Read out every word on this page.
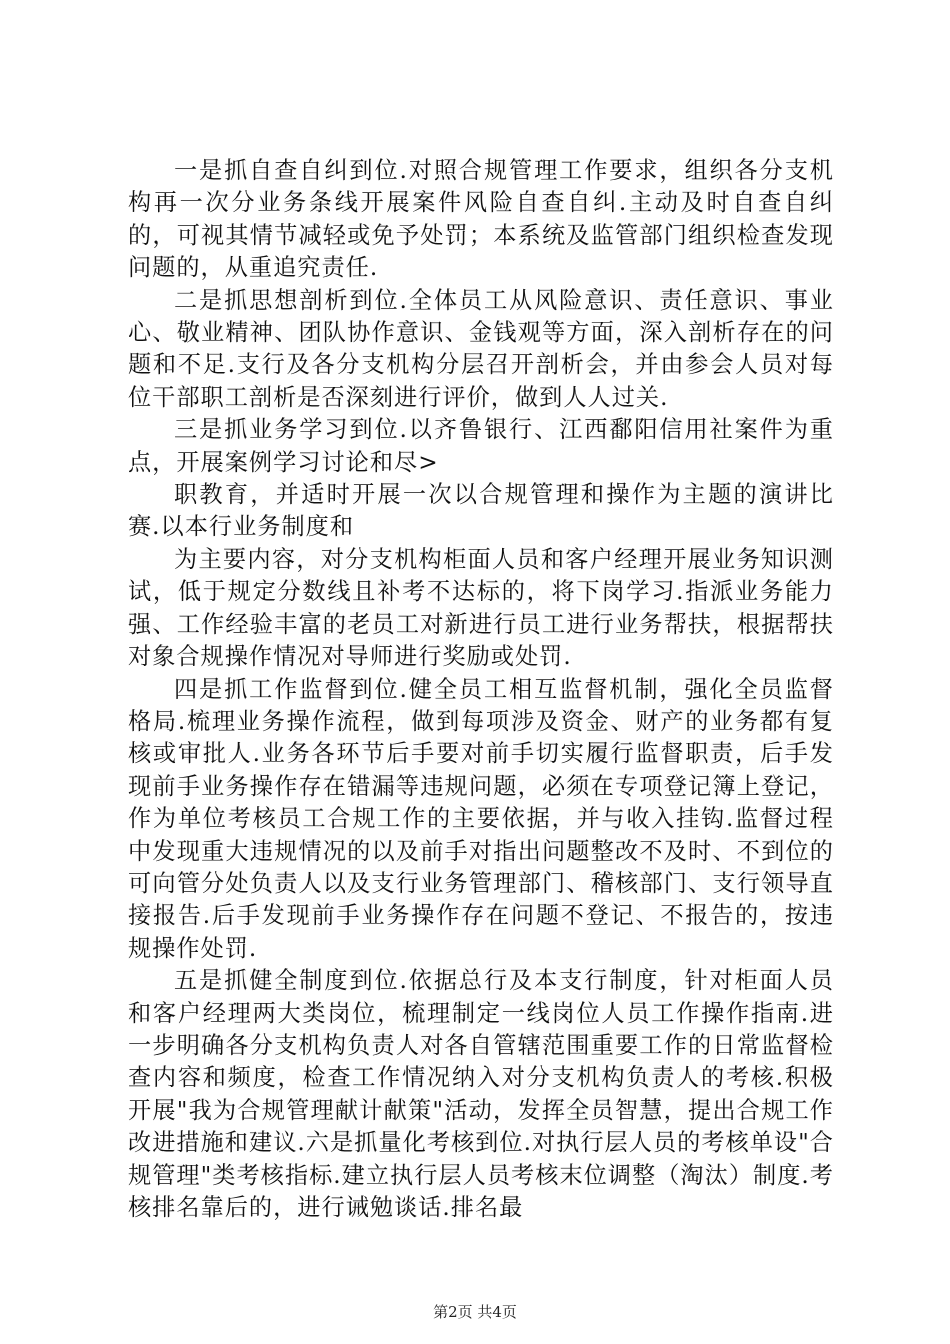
一是抓自查自纠到位.对照合规管理工作要求，组织各分支机构再一次分业务条线开展案件风险自查自纠.主动及时自查自纠的，可视其情节减轻或免予处罚；本系统及监管部门组织检查发现问题的，从重追究责任.

二是抓思想剖析到位.全体员工从风险意识、责任意识、事业心、敬业精神、团队协作意识、金钱观等方面，深入剖析存在的问题和不足.支行及各分支机构分层召开剖析会，并由参会人员对每位干部职工剖析是否深刻进行评价，做到人人过关.

三是抓业务学习到位.以齐鲁银行、江西鄱阳信用社案件为重点，开展案例学习讨论和尽>

职教育，并适时开展一次以合规管理和操作为主题的演讲比赛.以本行业务制度和

为主要内容，对分支机构柜面人员和客户经理开展业务知识测试，低于规定分数线且补考不达标的，将下岗学习.指派业务能力强、工作经验丰富的老员工对新进行员工进行业务帮扶，根据帮扶对象合规操作情况对导师进行奖励或处罚.

四是抓工作监督到位.健全员工相互监督机制，强化全员监督格局.梳理业务操作流程，做到每项涉及资金、财产的业务都有复核或审批人.业务各环节后手要对前手切实履行监督职责，后手发现前手业务操作存在错漏等违规问题，必须在专项登记簿上登记，作为单位考核员工合规工作的主要依据，并与收入挂钩.监督过程中发现重大违规情况的以及前手对指出问题整改不及时、不到位的可向管分处负责人以及支行业务管理部门、稽核部门、支行领导直接报告.后手发现前手业务操作存在问题不登记、不报告的，按违规操作处罚.

五是抓健全制度到位.依据总行及本支行制度，针对柜面人员和客户经理两大类岗位，梳理制定一线岗位人员工作操作指南.进一步明确各分支机构负责人对各自管辖范围重要工作的日常监督检查内容和频度，检查工作情况纳入对分支机构负责人的考核.积极开展"我为合规管理献计献策"活动，发挥全员智慧，提出合规工作改进措施和建议.六是抓量化考核到位.对执行层人员的考核单设"合规管理"类考核指标.建立执行层人员考核末位调整（淘汰）制度.考核排名靠后的，进行诫勉谈话.排名最

第2页 共4页
